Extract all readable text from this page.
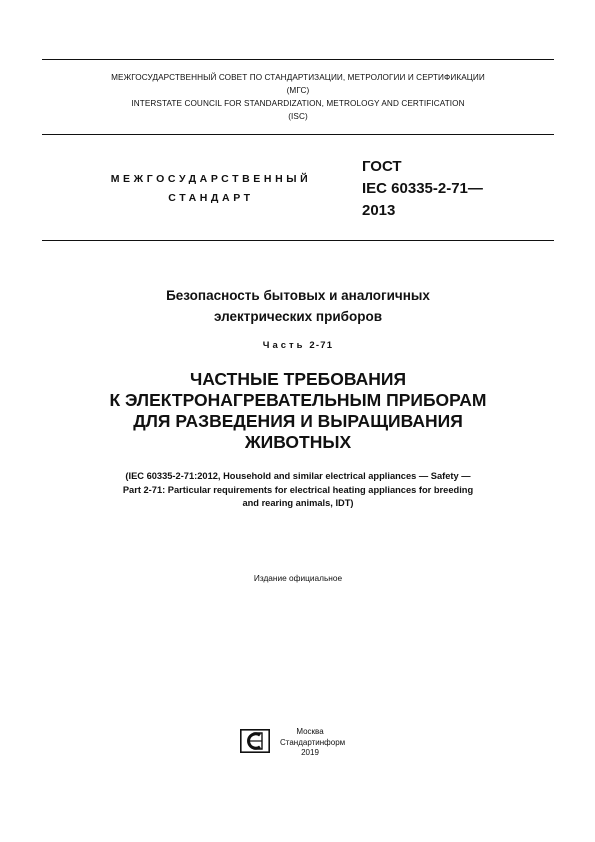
МЕЖГОСУДАРСТВЕННЫЙ СОВЕТ ПО СТАНДАРТИЗАЦИИ, МЕТРОЛОГИИ И СЕРТИФИКАЦИИ
(МГС)
INTERSTATE COUNCIL FOR STANDARDIZATION, METROLOGY AND CERTIFICATION
(ISC)
МЕЖГОСУДАРСТВЕННЫЙ
СТАНДАРТ
ГОСТ
IEC 60335-2-71—
2013
Безопасность бытовых и аналогичных
электрических приборов
Часть 2-71
ЧАСТНЫЕ ТРЕБОВАНИЯ
К ЭЛЕКТРОНАГРЕВАТЕЛЬНЫМ ПРИБОРАМ
ДЛЯ РАЗВЕДЕНИЯ И ВЫРАЩИВАНИЯ
ЖИВОТНЫХ
(IEC 60335-2-71:2012, Household and similar electrical appliances — Safety —
Part 2-71: Particular requirements for electrical heating appliances for breeding
and rearing animals, IDT)
Издание официальное
Москва
Стандартинформ
2019
